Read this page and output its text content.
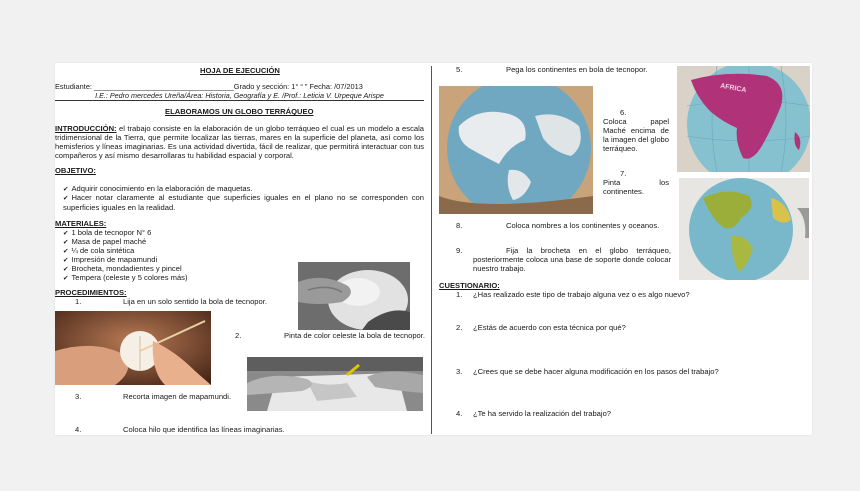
HOJA DE EJECUCIÓN
Estudiante: __________________________________Grado y sección: 1° “ ” Fecha: /07/2013
I.E.: Pedro mercedes Ureña/Área: Historia, Geografía y E. /Prof.: Leticia V. Urpeque Arispe
ELABORAMOS UN GLOBO TERRÁQUEO
INTRODUCCIÓN: el trabajo consiste en la elaboración de un globo terráqueo el cual es un modelo a escala tridimensional de la Tierra, que permite localizar las tierras, mares en la superficie del planeta, así como los hemisferios y líneas imaginarias. Es una actividad divertida, fácil de realizar, que permitirá interactuar con tus compañeros y así mismo desarrollaras tu habilidad espacial y corporal.
OBJETIVO:
✔ Adquirir conocimiento en la elaboración de maquetas.
✔ Hacer notar claramente al estudiante que superficies iguales en el plano no se corresponden con superficies iguales en la realidad.
MATERIALES:
✔ 1 bola de tecnopor N° 6
✔ Masa de papel maché
✔ ¼ de cola sintética
✔ Impresión de mapamundi
✔ Brocheta, mondadientes y pincel
✔ Tempera (celeste y 5 colores más)
PROCEDIMIENTOS:
1.	Lija en un solo sentido la bola de tecnopor.
2.	Pinta de color celeste la bola de tecnopor.
3.	Recorta imagen de mapamundi.
4.	Coloca hilo que identifica las líneas imaginarias.
5.	Pega los continentes en bola de tecnopor.
6.
Coloca papel Maché encima de la imagen del globo terráqueo.
7.
Pinta los continentes.
AFRICA
8.	Coloca nombres a los continentes y oceanos.
9.	Fija la brocheta en el globo terráqueo, posteriormente coloca una base de soporte donde colocar nuestro trabajo.
CUESTIONARIO:
1. ¿Has realizado este tipo de trabajo alguna vez o es algo nuevo?
2. ¿Estás de acuerdo con esta técnica por qué?
3. ¿Crees que se debe hacer alguna modificación en los pasos del trabajo?
4. ¿Te ha servido la realización del trabajo?
